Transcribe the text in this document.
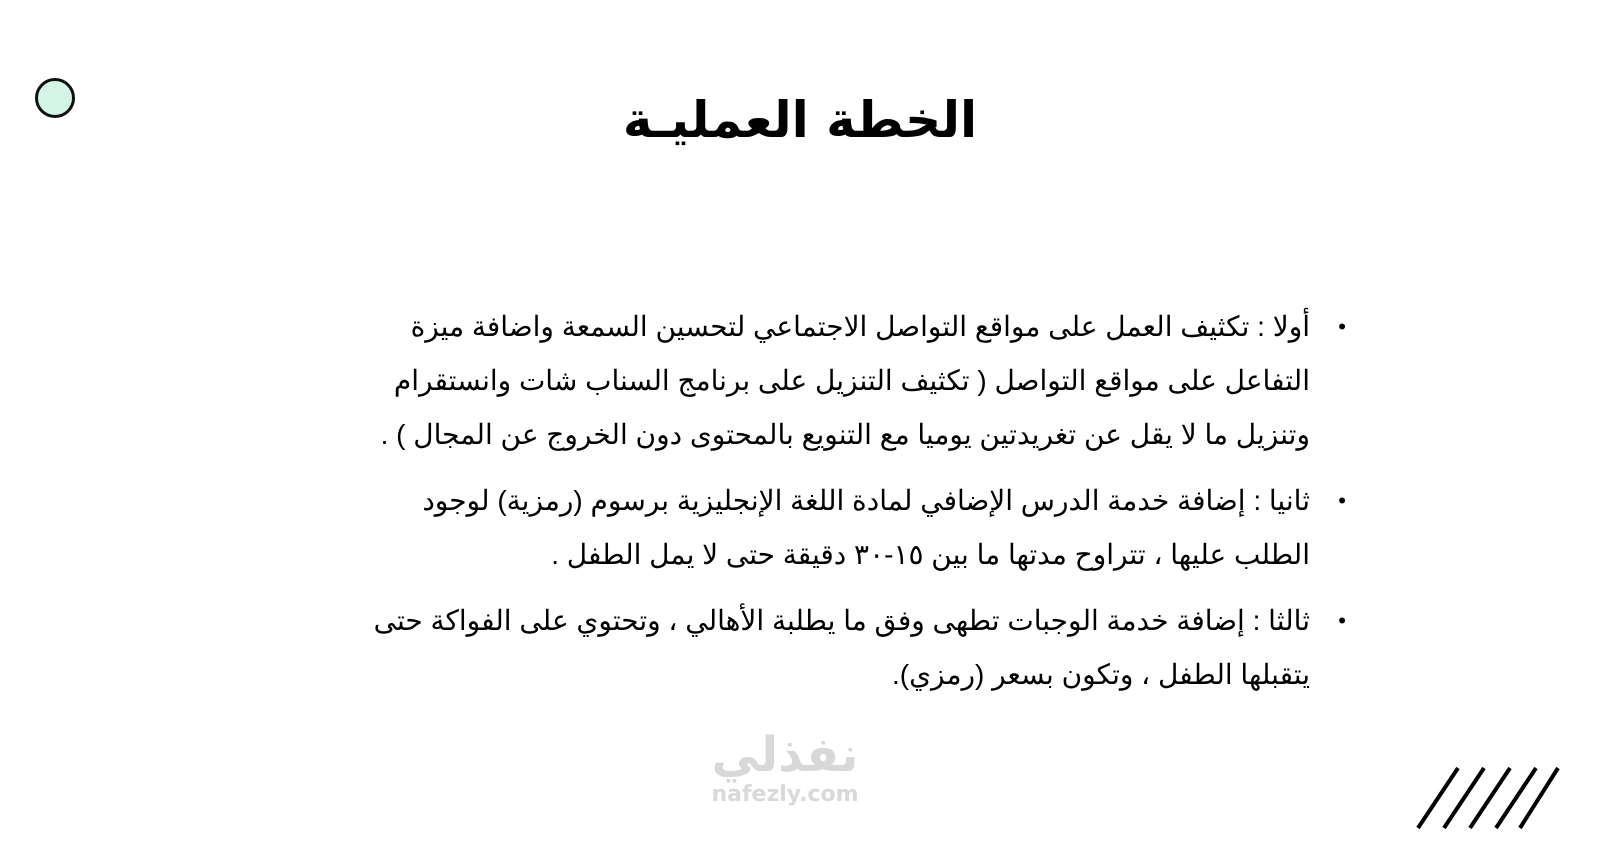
الخطة العمليـة
•
أولا : تكثيف العمل على مواقع التواصل الاجتماعي لتحسين السمعة واضافة ميزة التفاعل على مواقع التواصل ( تكثيف التنزيل على برنامج السناب شات وانستقرام وتنزيل ما لا يقل عن تغريدتين يوميا مع التنويع بالمحتوى دون الخروج عن المجال ) .
•
ثانيا : إضافة خدمة الدرس الإضافي لمادة اللغة الإنجليزية برسوم (رمزية) لوجود الطلب عليها ، تتراوح مدتها ما بين ١٥-٣٠ دقيقة حتى لا يمل الطفل .
•
ثالثا : إضافة خدمة الوجبات تطهى وفق ما يطلبة الأهالي ، وتحتوي على الفواكة حتى يتقبلها الطفل ، وتكون بسعر (رمزي).
نفذلي
nafezly.com
